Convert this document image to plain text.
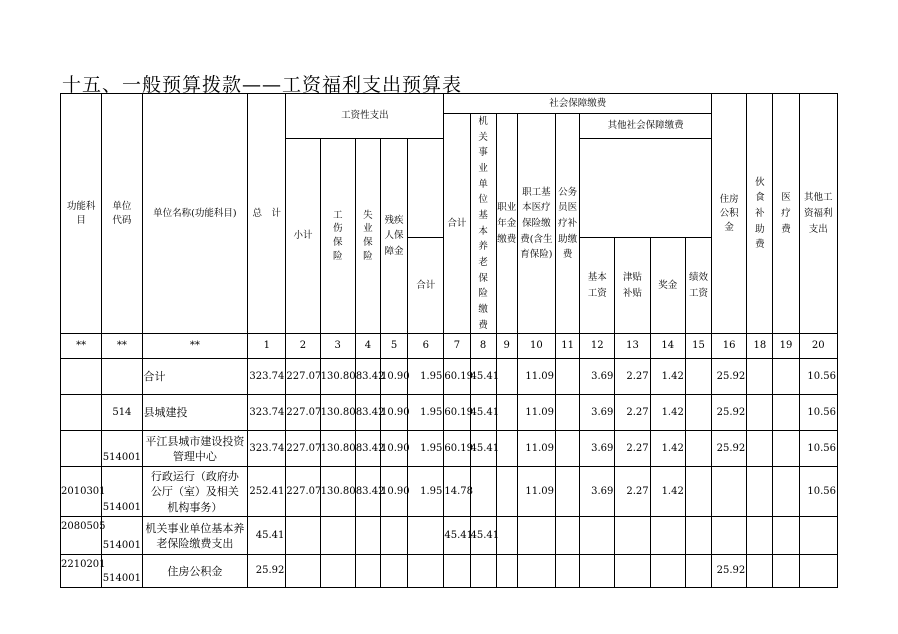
十五、一般预算拨款——工资福利支出预算表
功能科目	单位代码	单位名称(功能科目)	总　计	工资性支出					社会保障缴费									住房公积金	伙食补助费	医疗费	其他工资福利支出
									合计	机关事业单位基本养老保险缴费	职业年金缴费	职工基本医疗保险缴费(含生育保险)	公务员医疗补助缴费	其他社会保障缴费							
				小计	工伤保险	失业保险	残疾人保障金														
								合计						基本工资	津贴补贴	奖金	绩效工资				
**	**	**	1	2	3	4	5	6	7	8	9	10	11	12	13	14	15	16	18	19	20
		合计	323.74	227.07	130.80	83.42	10.90	1.95	60.19	45.41		11.09		3.69	2.27	1.42		25.92			10.56
	514	县城建投	323.74	227.07	130.80	83.42	10.90	1.95	60.19	45.41		11.09		3.69	2.27	1.42		25.92			10.56
	514001	平江县城市建设投资管理中心	323.74	227.07	130.80	83.42	10.90	1.95	60.19	45.41		11.09		3.69	2.27	1.42		25.92			10.56
2010301	514001	行政运行（政府办公厅（室）及相关机构事务）	252.41	227.07	130.80	83.42	10.90	1.95	14.78			11.09		3.69	2.27	1.42					10.56
2080505	514001	机关事业单位基本养老保险缴费支出	45.41						45.41	45.41											
2210201	514001	住房公积金	25.92															25.92			
